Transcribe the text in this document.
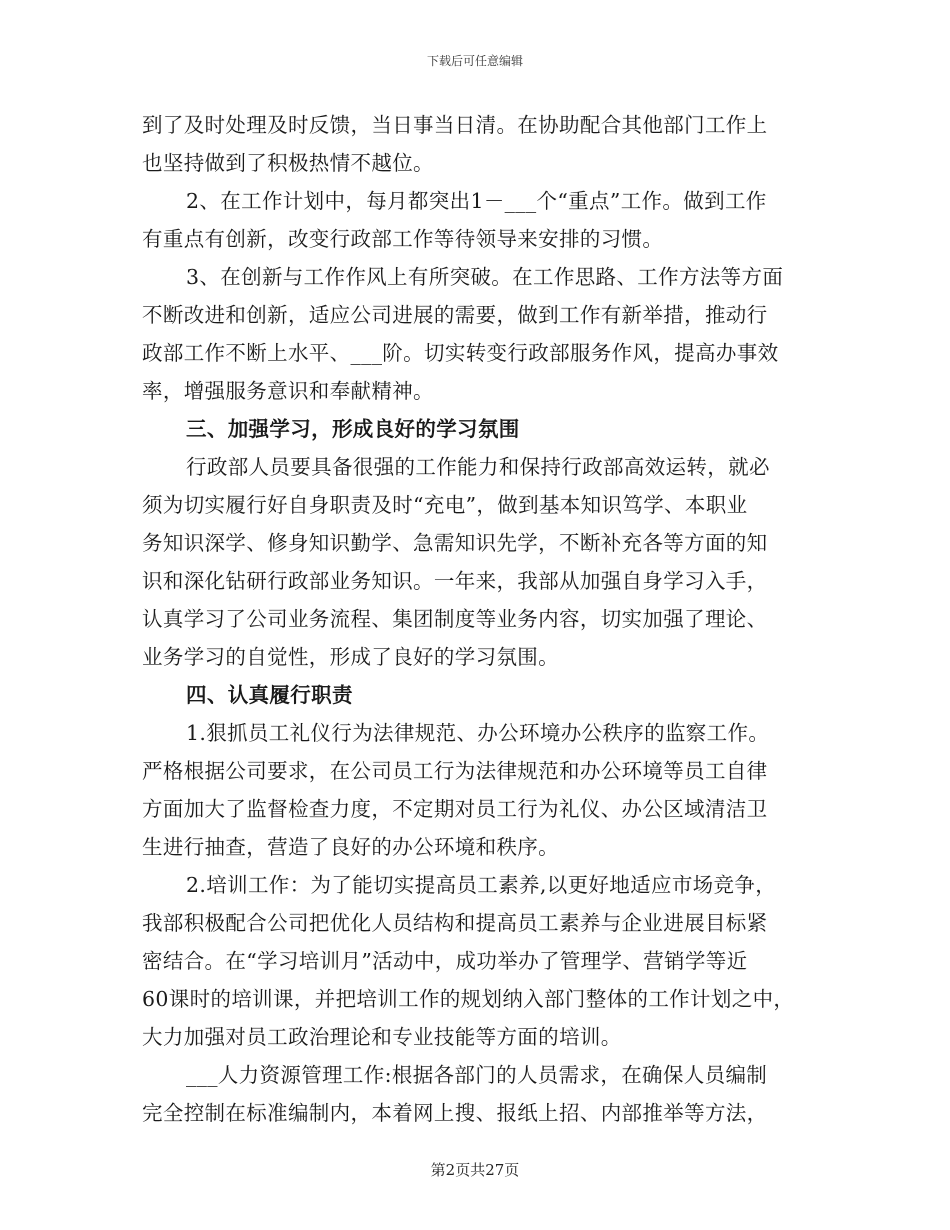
下载后可任意编辑
到了及时处理及时反馈，当日事当日清。在协助配合其他部门工作上
也坚持做到了积极热情不越位。
2、在工作计划中，每月都突出1－___个“重点”工作。做到工作
有重点有创新，改变行政部工作等待领导来安排的习惯。
3、在创新与工作作风上有所突破。在工作思路、工作方法等方面
不断改进和创新，适应公司进展的需要，做到工作有新举措，推动行
政部工作不断上水平、___阶。切实转变行政部服务作风，提高办事效
率，增强服务意识和奉献精神。
三、加强学习，形成良好的学习氛围
行政部人员要具备很强的工作能力和保持行政部高效运转，就必
须为切实履行好自身职责及时“充电”，做到基本知识笃学、本职业
务知识深学、修身知识勤学、急需知识先学，不断补充各等方面的知
识和深化钻研行政部业务知识。一年来，我部从加强自身学习入手，
认真学习了公司业务流程、集团制度等业务内容，切实加强了理论、
业务学习的自觉性，形成了良好的学习氛围。
四、认真履行职责
1.狠抓员工礼仪行为法律规范、办公环境办公秩序的监察工作。
严格根据公司要求，在公司员工行为法律规范和办公环境等员工自律
方面加大了监督检查力度，不定期对员工行为礼仪、办公区域清洁卫
生进行抽查，营造了良好的办公环境和秩序。
2.培训工作：为了能切实提高员工素养,以更好地适应市场竞争，
我部积极配合公司把优化人员结构和提高员工素养与企业进展目标紧
密结合。在“学习培训月”活动中，成功举办了管理学、营销学等近
60课时的培训课，并把培训工作的规划纳入部门整体的工作计划之中，
大力加强对员工政治理论和专业技能等方面的培训。
___人力资源管理工作:根据各部门的人员需求，在确保人员编制
完全控制在标准编制内，本着网上搜、报纸上招、内部推举等方法，
第2页共27页
